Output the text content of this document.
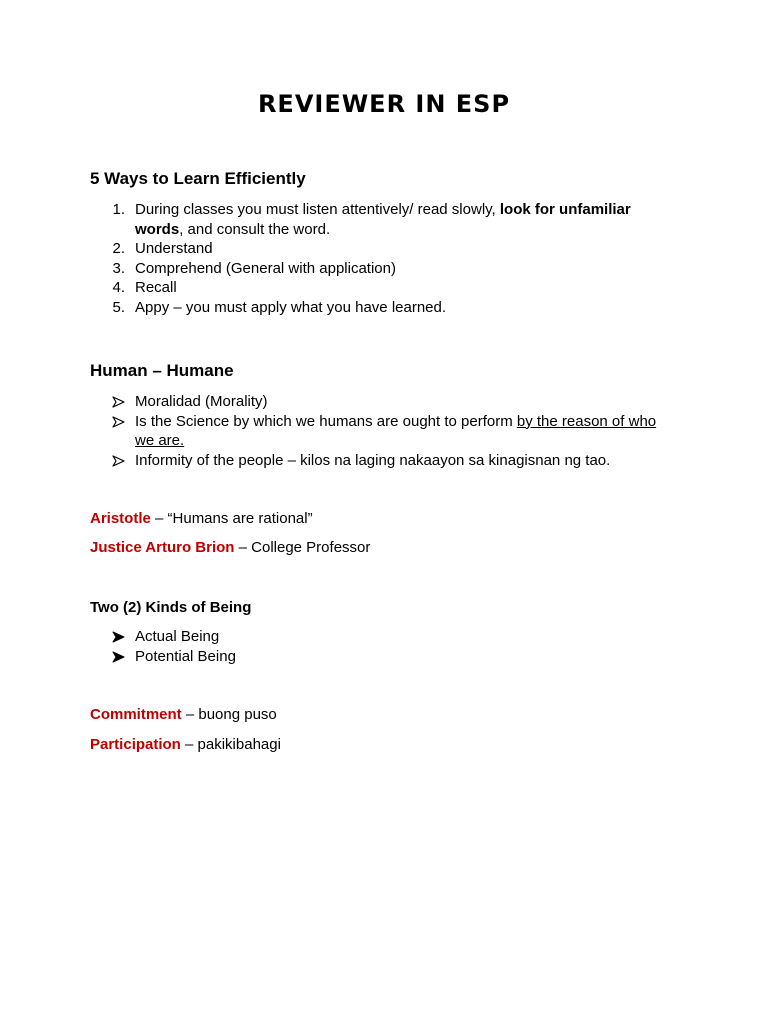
REVIEWER IN ESP
5 Ways to Learn Efficiently
1. During classes you must listen attentively/ read slowly, look for unfamiliar words, and consult the word.
2. Understand
3. Comprehend (General with application)
4. Recall
5. Appy – you must apply what you have learned.
Human – Humane
Moralidad (Morality)
Is the Science by which we humans are ought to perform by the reason of who we are.
Informity of the people – kilos na laging nakaayon sa kinagisnan ng tao.

Aristotle – “Humans are rational”

Justice Arturo Brion – College Professor

Two (2) Kinds of Being
Actual Being
Potential Being

Commitment – buong puso

Participation – pakikibahagi
